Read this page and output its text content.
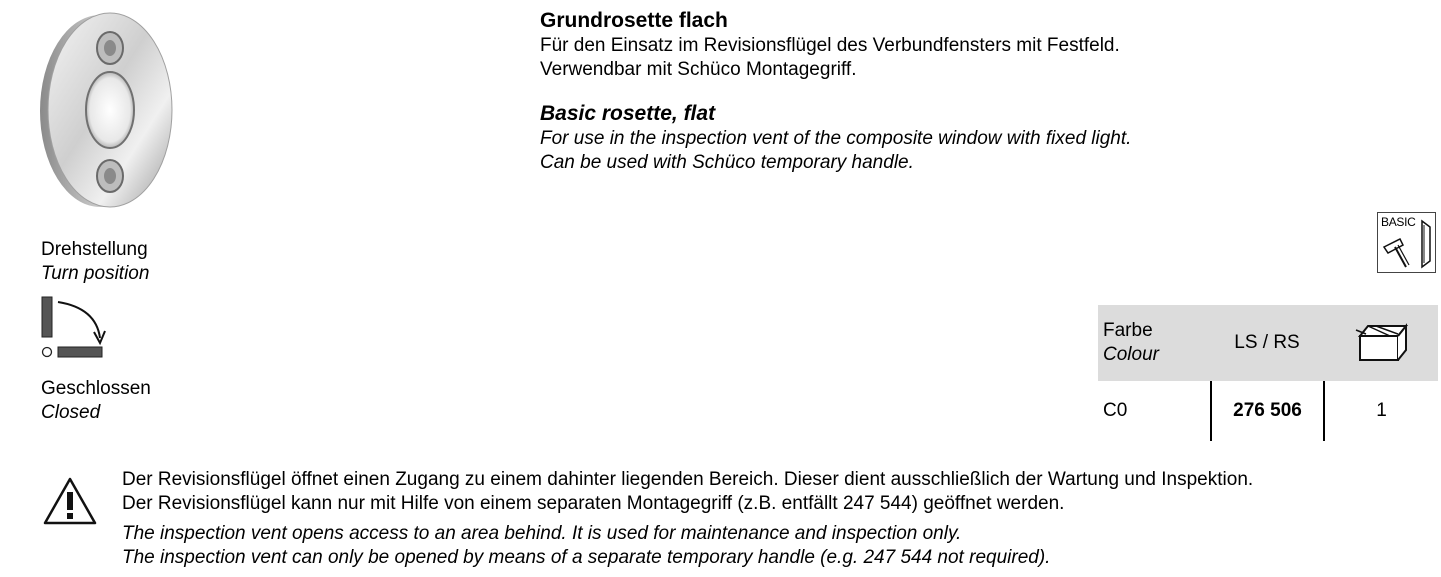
Grundrosette flach
Für den Einsatz im Revisionsflügel des Verbundfensters mit Festfeld.
Verwendbar mit Schüco Montagegriff.
Basic rosette, flat
For use in the inspection vent of the composite window with fixed light.
Can be used with Schüco temporary handle.
Drehstellung
Turn position
Geschlossen
Closed
BASIC
Farbe
Colour
LS / RS
C0	276 506	1
Der Revisionsflügel öffnet einen Zugang zu einem dahinter liegenden Bereich. Dieser dient ausschließlich der Wartung und Inspektion.
Der Revisionsflügel kann nur mit Hilfe von einem separaten Montagegriff (z.B. entfällt 247 544) geöffnet werden.
The inspection vent opens access to an area behind. It is used for maintenance and inspection only.
The inspection vent can only be opened by means of a separate temporary handle (e.g. 247 544 not required).
